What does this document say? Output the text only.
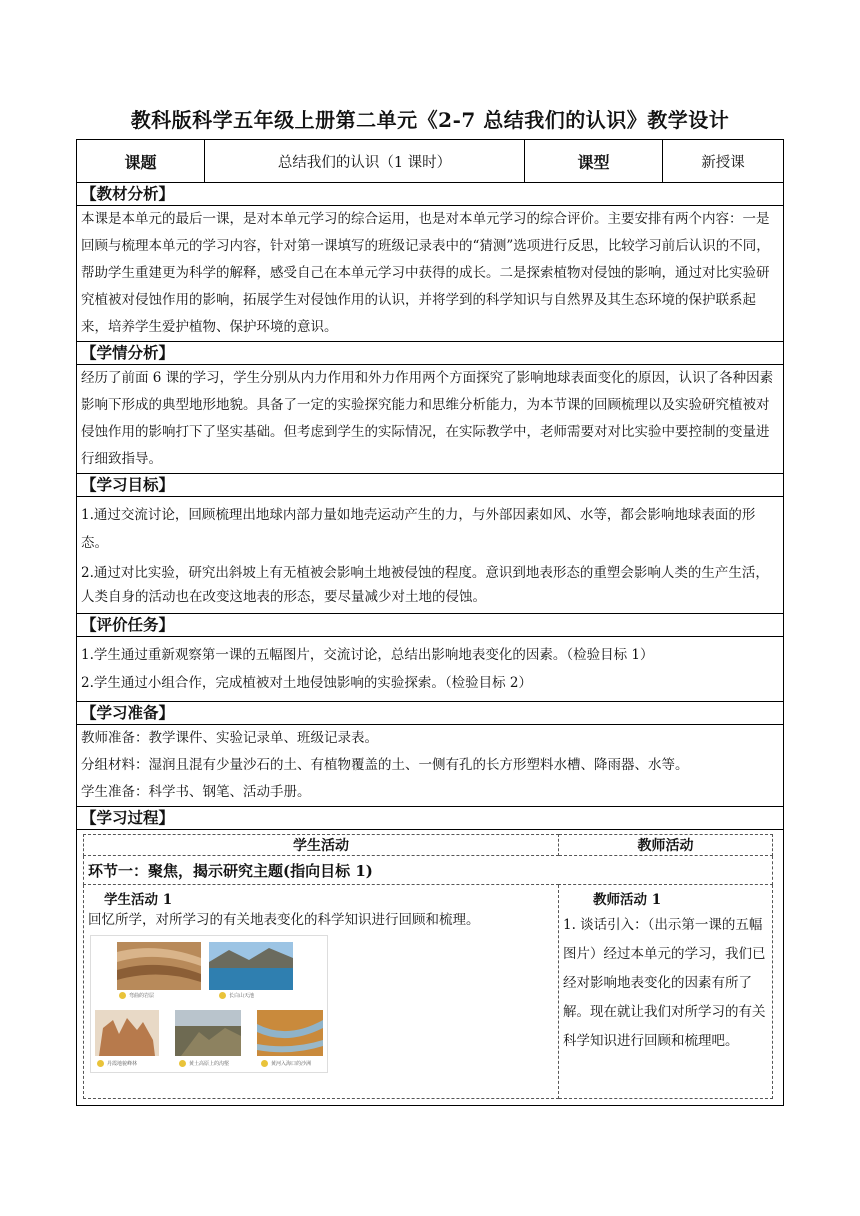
教科版科学五年级上册第二单元《2-7 总结我们的认识》教学设计
课题	总结我们的认识（1 课时）	课型	新授课
【教材分析】
本课是本单元的最后一课，是对本单元学习的综合运用，也是对本单元学习的综合评价。主要安排有两个内容：一是回顾与梳理本单元的学习内容，针对第一课填写的班级记录表中的“猜测”选项进行反思，比较学习前后认识的不同，帮助学生重建更为科学的解释，感受自己在本单元学习中获得的成长。二是探索植物对侵蚀的影响，通过对比实验研究植被对侵蚀作用的影响，拓展学生对侵蚀作用的认识，并将学到的科学知识与自然界及其生态环境的保护联系起来，培养学生爱护植物、保护环境的意识。
【学情分析】
经历了前面 6 课的学习，学生分别从内力作用和外力作用两个方面探究了影响地球表面变化的原因，认识了各种因素影响下形成的典型地形地貌。具备了一定的实验探究能力和思维分析能力，为本节课的回顾梳理以及实验研究植被对侵蚀作用的影响打下了坚实基础。但考虑到学生的实际情况，在实际教学中，老师需要对对比实验中要控制的变量进行细致指导。
【学习目标】

1.通过交流讨论，回顾梳理出地球内部力量如地壳运动产生的力，与外部因素如风、水等，都会影响地球表面的形态。

2.通过对比实验，研究出斜坡上有无植被会影响土地被侵蚀的程度。意识到地表形态的重塑会影响人类的生产生活，人类自身的活动也在改变这地表的形态，要尽量减少对土地的侵蚀。

【评价任务】

1.学生通过重新观察第一课的五幅图片，交流讨论，总结出影响地表变化的因素。（检验目标 1）

2.学生通过小组合作，完成植被对土地侵蚀影响的实验探索。（检验目标 2）

【学习准备】

教师准备：教学课件、实验记录单、班级记录表。

分组材料：湿润且混有少量沙石的土、有植物覆盖的土、一侧有孔的长方形塑料水槽、降雨器、水等。

学生准备：科学书、钢笔、活动手册。

【学习过程】

学生活动	教师活动
环节一：聚焦，揭示研究主题(指向目标 1)

学生活动 1
回忆所学，对所学习的有关地表变化的科学知识进行回顾和梳理。
弯曲的岩层	长白山天池
丹霞地貌峰林	黄土高原上的沟壑	黄河入海口的沙洲

教师活动 1
1. 谈话引入：（出示第一课的五幅图片）经过本单元的学习，我们已经对影响地表变化的因素有所了解。现在就让我们对所学习的有关科学知识进行回顾和梳理吧。
